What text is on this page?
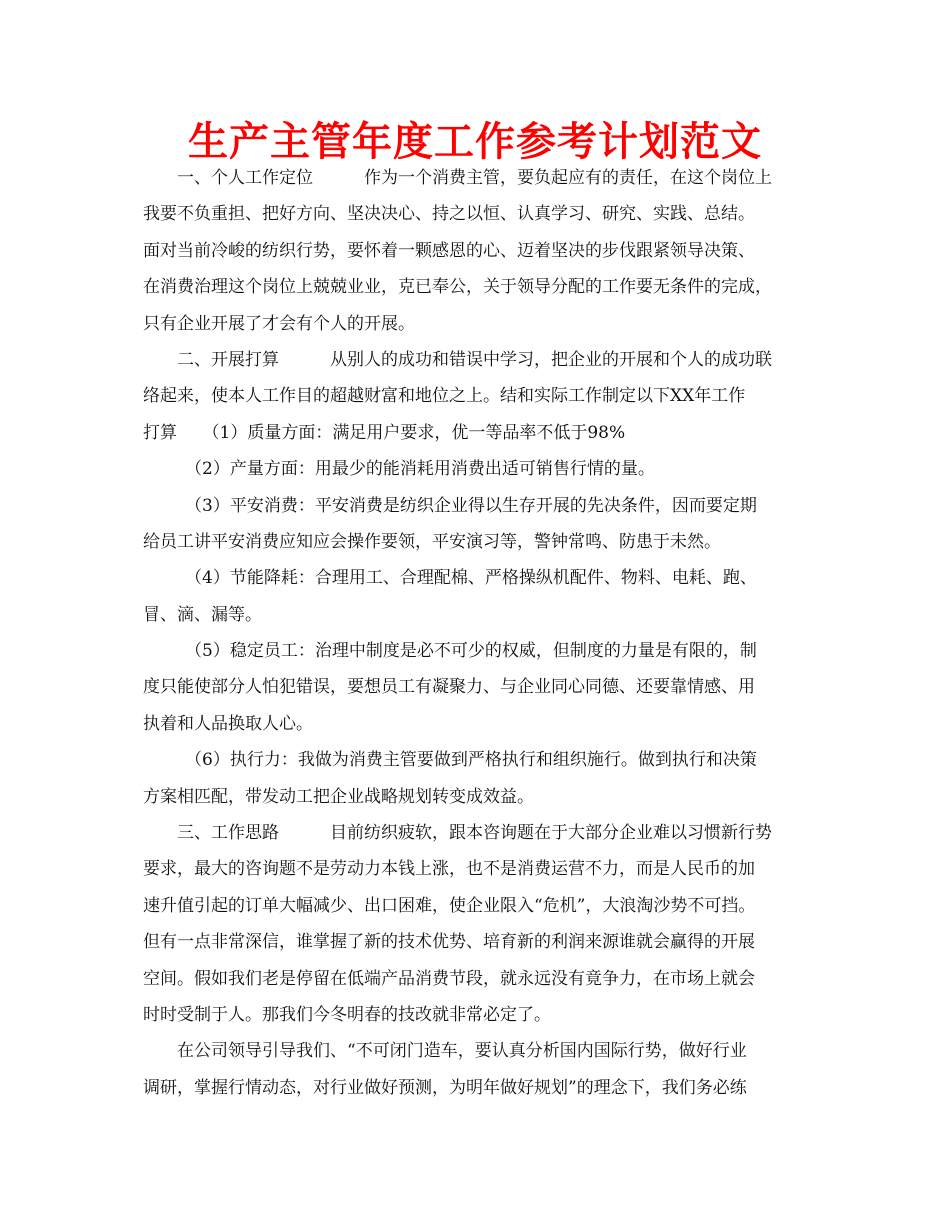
生产主管年度工作参考计划范文
一、个人工作定位　　　作为一个消费主管，要负起应有的责任，在这个岗位上
我要不负重担、把好方向、坚决决心、持之以恒、认真学习、研究、实践、总结。
面对当前冷峻的纺织行势，要怀着一颗感恩的心、迈着坚决的步伐跟紧领导决策、
在消费治理这个岗位上兢兢业业，克已奉公，关于领导分配的工作要无条件的完成，
只有企业开展了才会有个人的开展。
二、开展打算　　　从别人的成功和错误中学习，把企业的开展和个人的成功联
络起来，使本人工作目的超越财富和地位之上。结和实际工作制定以下XX年工作
打算　　（1）质量方面：满足用户要求，优一等品率不低于98%
（2）产量方面：用最少的能消耗用消费出适可销售行情的量。
（3）平安消费：平安消费是纺织企业得以生存开展的先决条件，因而要定期
给员工讲平安消费应知应会操作要领，平安演习等，警钟常鸣、防患于未然。
（4）节能降耗：合理用工、合理配棉、严格操纵机配件、物料、电耗、跑、
冒、滴、漏等。
（5）稳定员工：治理中制度是必不可少的权威，但制度的力量是有限的，制
度只能使部分人怕犯错误，要想员工有凝聚力、与企业同心同德、还要靠情感、用
执着和人品换取人心。
（6）执行力：我做为消费主管要做到严格执行和组织施行。做到执行和决策
方案相匹配，带发动工把企业战略规划转变成效益。
三、工作思路　　　目前纺织疲软，跟本咨询题在于大部分企业难以习惯新行势
要求，最大的咨询题不是劳动力本钱上涨，也不是消费运营不力，而是人民币的加
速升值引起的订单大幅减少、出口困难，使企业限入“危机”，大浪淘沙势不可挡。
但有一点非常深信，谁掌握了新的技术优势、培育新的利润来源谁就会赢得的开展
空间。假如我们老是停留在低端产品消费节段，就永远没有竟争力，在市场上就会
时时受制于人。那我们今冬明春的技改就非常必定了。
在公司领导引导我们、“不可闭门造车，要认真分析国内国际行势，做好行业
调研，掌握行情动态，对行业做好预测，为明年做好规划”的理念下，我们务必练
